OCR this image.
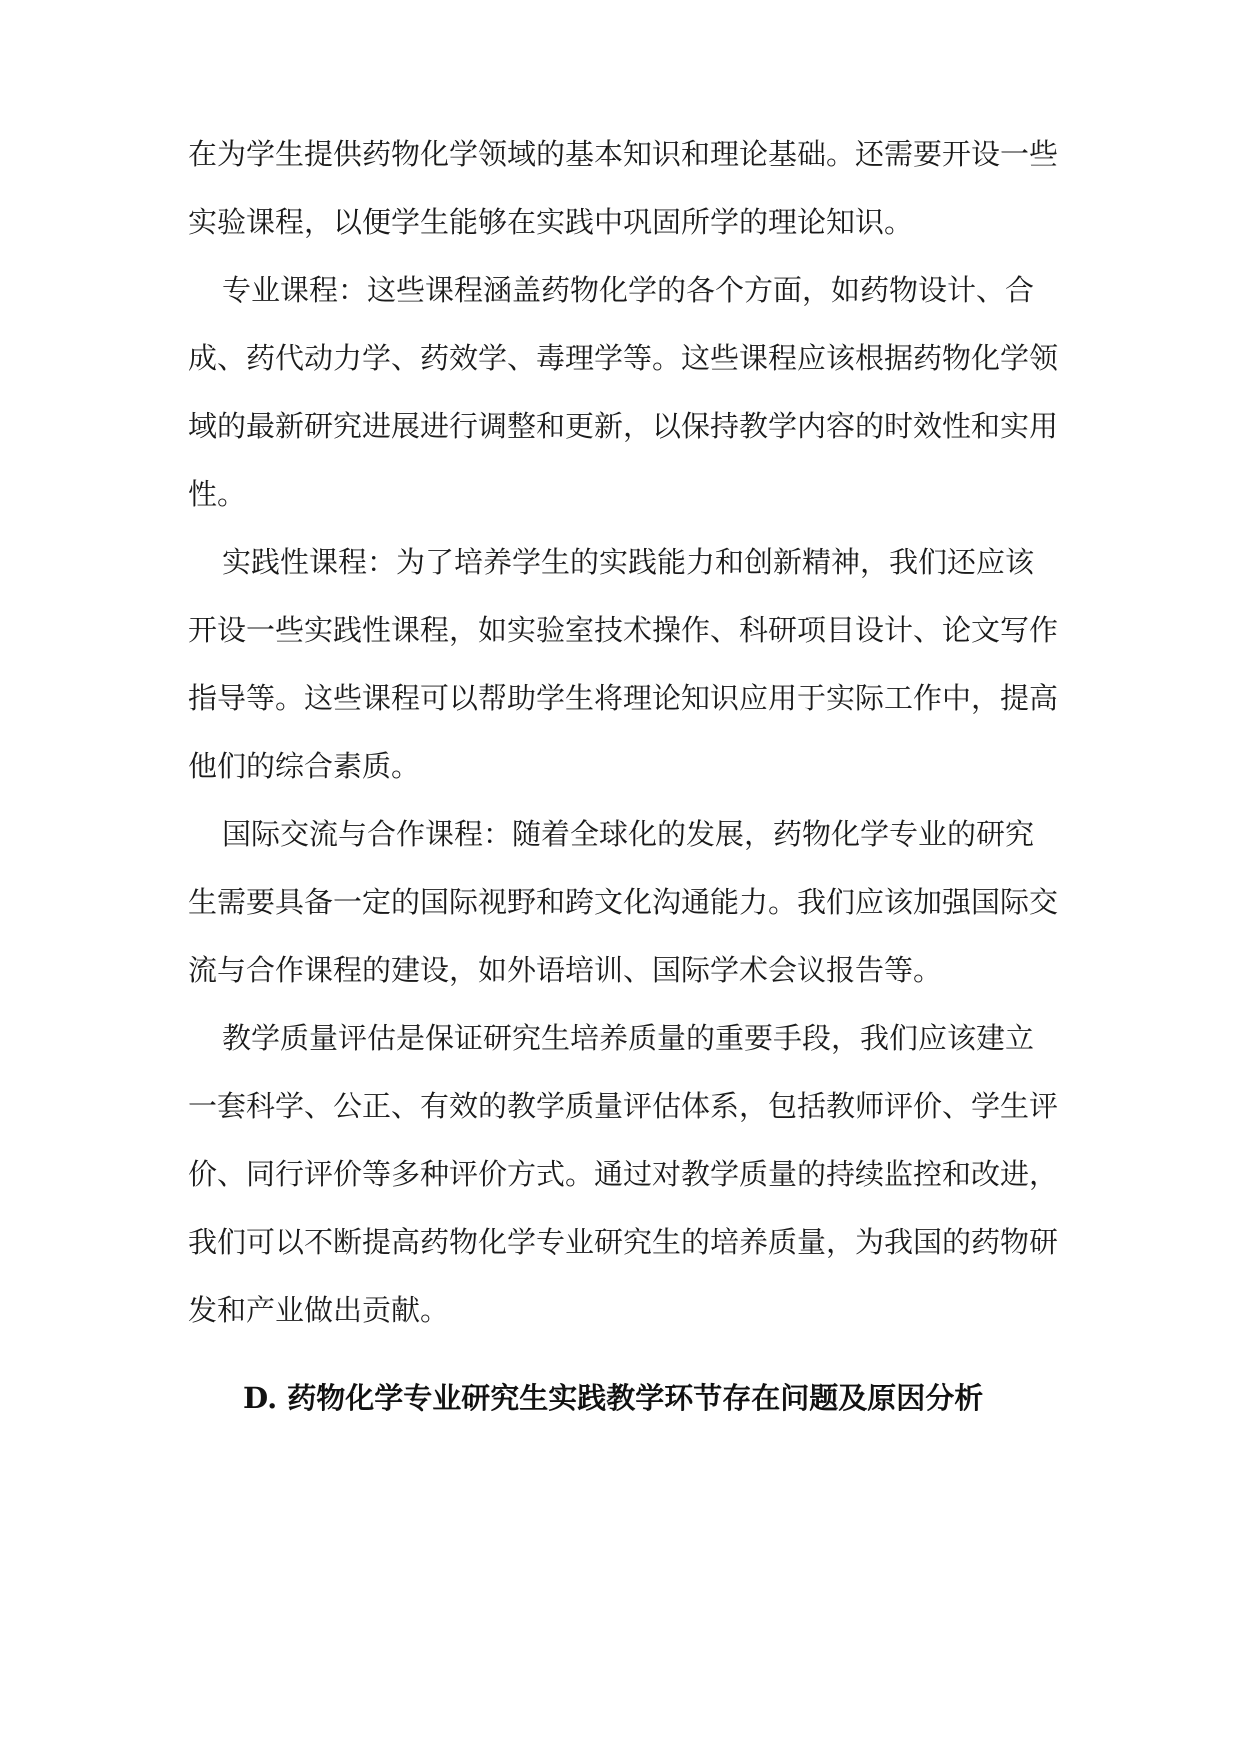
在为学生提供药物化学领域的基本知识和理论基础。还需要开设一些
实验课程，以便学生能够在实践中巩固所学的理论知识。
专业课程：这些课程涵盖药物化学的各个方面，如药物设计、合
成、药代动力学、药效学、毒理学等。这些课程应该根据药物化学领
域的最新研究进展进行调整和更新，以保持教学内容的时效性和实用
性。
实践性课程：为了培养学生的实践能力和创新精神，我们还应该
开设一些实践性课程，如实验室技术操作、科研项目设计、论文写作
指导等。这些课程可以帮助学生将理论知识应用于实际工作中，提高
他们的综合素质。
国际交流与合作课程：随着全球化的发展，药物化学专业的研究
生需要具备一定的国际视野和跨文化沟通能力。我们应该加强国际交
流与合作课程的建设，如外语培训、国际学术会议报告等。
教学质量评估是保证研究生培养质量的重要手段，我们应该建立
一套科学、公正、有效的教学质量评估体系，包括教师评价、学生评
价、同行评价等多种评价方式。通过对教学质量的持续监控和改进，
我们可以不断提高药物化学专业研究生的培养质量，为我国的药物研
发和产业做出贡献。
D. 药物化学专业研究生实践教学环节存在问题及原因分析
